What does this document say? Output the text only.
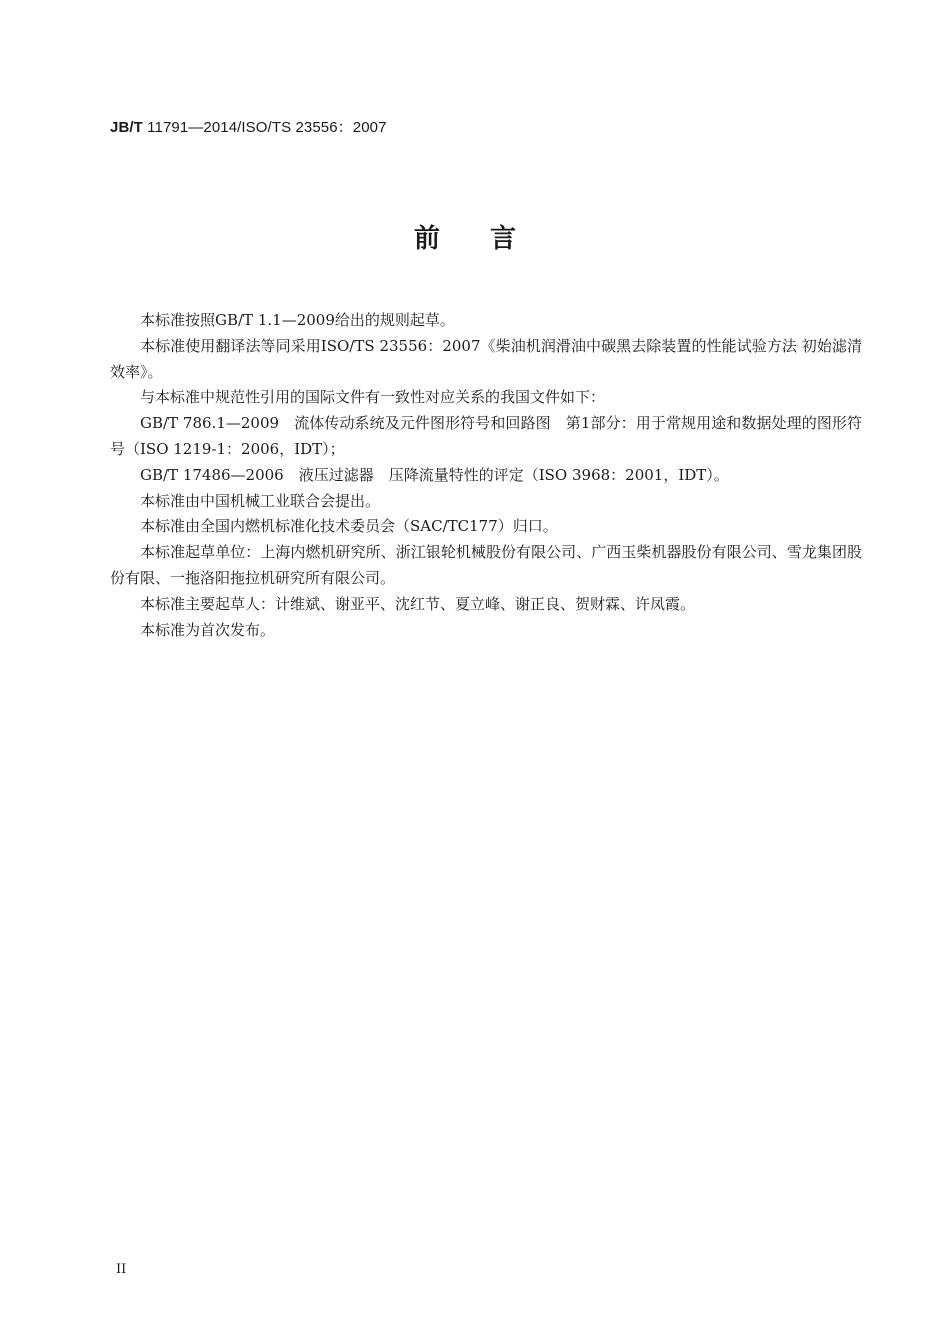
JB/T 11791—2014/ISO/TS 23556：2007
前言

本标准按照GB/T 1.1—2009给出的规则起草。

本标准使用翻译法等同采用ISO/TS 23556：2007《柴油机润滑油中碳黑去除装置的性能试验方法 初始滤清效率》。

与本标准中规范性引用的国际文件有一致性对应关系的我国文件如下：

GB/T 786.1—2009　流体传动系统及元件图形符号和回路图　第1部分：用于常规用途和数据处理的图形符号（ISO 1219-1：2006，IDT）；

GB/T 17486—2006　液压过滤器　压降流量特性的评定（ISO 3968：2001，IDT）。

本标准由中国机械工业联合会提出。

本标准由全国内燃机标准化技术委员会（SAC/TC177）归口。

本标准起草单位：上海内燃机研究所、浙江银轮机械股份有限公司、广西玉柴机器股份有限公司、雪龙集团股份有限、一拖洛阳拖拉机研究所有限公司。

本标准主要起草人：计维斌、谢亚平、沈红节、夏立峰、谢正良、贺财霖、许凤霞。

本标准为首次发布。

II
